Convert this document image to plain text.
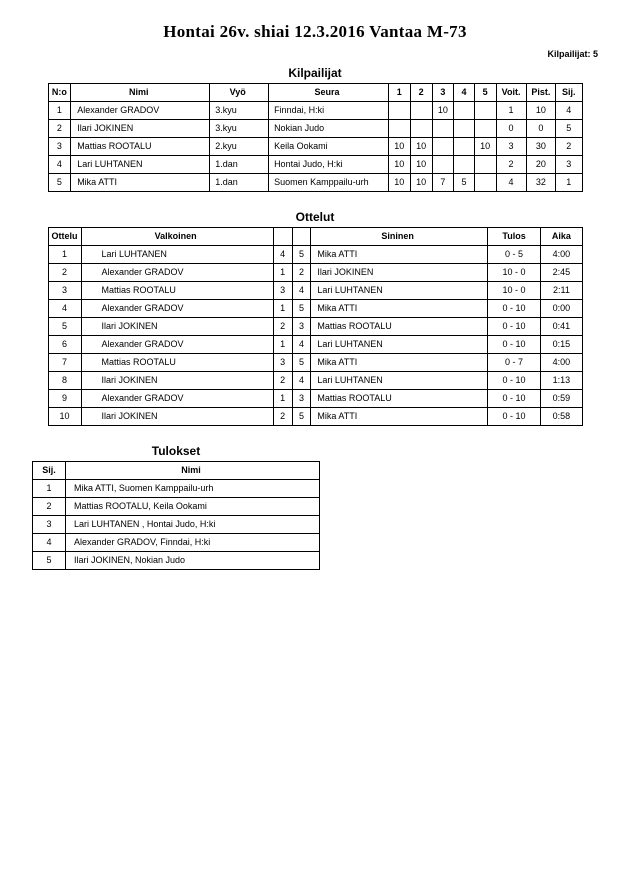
Hontai 26v. shiai 12.3.2016 Vantaa M-73
Kilpailijat: 5
Kilpailijat
N:o	Nimi	Vyö	Seura	1	2	3	4	5	Voit.	Pist.	Sij.
1	Alexander GRADOV	3.kyu	Finndai, H:ki			10			1	10	4
2	Ilari JOKINEN	3.kyu	Nokian Judo						0	0	5
3	Mattias ROOTALU	2.kyu	Keila Ookami	10	10			10	3	30	2
4	Lari LUHTANEN	1.dan	Hontai Judo, H:ki	10	10				2	20	3
5	Mika ATTI	1.dan	Suomen Kamppailu-urh	10	10	7	5		4	32	1
Ottelut
Ottelu	Valkoinen			Sininen	Tulos	Aika
1	Lari LUHTANEN	4	5	Mika ATTI	0 - 5	4:00
2	Alexander GRADOV	1	2	Ilari JOKINEN	10 - 0	2:45
3	Mattias ROOTALU	3	4	Lari LUHTANEN	10 - 0	2:11
4	Alexander GRADOV	1	5	Mika ATTI	0 - 10	0:00
5	Ilari JOKINEN	2	3	Mattias ROOTALU	0 - 10	0:41
6	Alexander GRADOV	1	4	Lari LUHTANEN	0 - 10	0:15
7	Mattias ROOTALU	3	5	Mika ATTI	0 - 7	4:00
8	Ilari JOKINEN	2	4	Lari LUHTANEN	0 - 10	1:13
9	Alexander GRADOV	1	3	Mattias ROOTALU	0 - 10	0:59
10	Ilari JOKINEN	2	5	Mika ATTI	0 - 10	0:58
Tulokset
Sij.	Nimi
1	Mika ATTI, Suomen Kamppailu-urh
2	Mattias ROOTALU, Keila Ookami
3	Lari LUHTANEN , Hontai Judo, H:ki
4	Alexander GRADOV, Finndai, H:ki
5	Ilari JOKINEN, Nokian Judo
